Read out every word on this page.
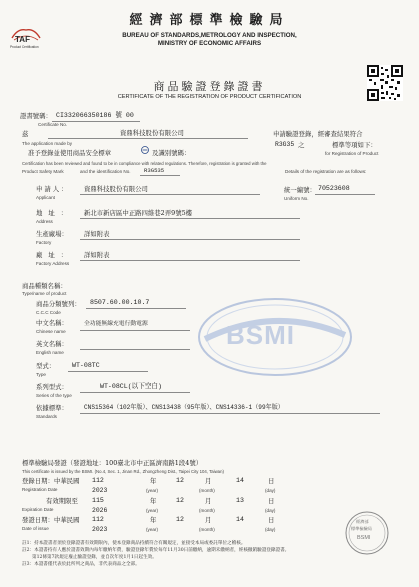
TAF
Product Certification
經濟部標準檢驗局
BUREAU OF STANDARDS,METROLOGY AND INSPECTION,
MINISTRY OF ECONOMIC AFFAIRS
商品驗證登錄證書
CERTIFICATE OF THE REGISTRATION OF PRODUCT CERTIFICATION
證書號碼：
Certificate No.
CI332066350186 號 00
茲	資鼎科技股份有限公司	申請驗證登錄，經審查結果符合
The application made by	R3G35 之	標準等項如下：
for Registration of Product
准予登錄並使用商品安全標章	及識別號碼：
Certification has been reviewed and found to be in compliance with related regulations. Therefore, registration is granted with the
Product Safety Mark	and the identification No. R3G535	Details of the registration are as follows:
申請人：
Applicant
資鼎科技股份有限公司	統一編號：
Uniform No.
70523608
地址：
Address
新北市新店區中正路四維巷2弄9號5樓
生產廠場：
Factory
詳如附表
廠址：
Factory Address
詳如附表
商品種類名稱：
Type/name of product
商品分類號列：
C.C.C Code
8507.60.00.10.7
BSMI
中文名稱：
Chinese name
全功能無線充電行動電源
英文名稱：
English name
型式：
Type
WT-08TC
系列型式：
Series of the type
WT-08CL(以下空白)
依據標準：
Standards
CNS15364（102年版）、CNS13438（95年版）、CNS14336-1（99年版）
標準檢驗局發證（發證地址：100臺北市中正區濟南路1段4號）
This certificate is issued by the BSMI. (No.4, Sec. 1, Jinan Rd., Zhongzheng Dist., Taipei City 104, Taiwan)
登錄日期：中華民國
Registration Date
112
2023
年
(year)
12	月
(month)
14	日
(day)
有效期限至
Expiration Date
115
2026
年
(year)
12	月
(month)
13	日
(day)
發證日期：中華民國
Date of issue
112
2023
年
(year)
12	月
(month)
14	日
(day)
經濟部
標準檢驗局
BSMI
註1：持本證書者須於登錄證書有效期限內，使本登錄商品持續符合有關規定，並接受本局或委託單位之稽核。
註2：本證書持有人應於證書效期內每年繳納年費，驗證登錄年費於每年11月30日前繳納，逾期未繳納者，經核撤銷驗證登錄證書。
第12條第7款規定廢止驗證登錄，並自次年度1月1日起生效。
註3：本證書僅代表於此所列之商品，非代表商品之全部。
